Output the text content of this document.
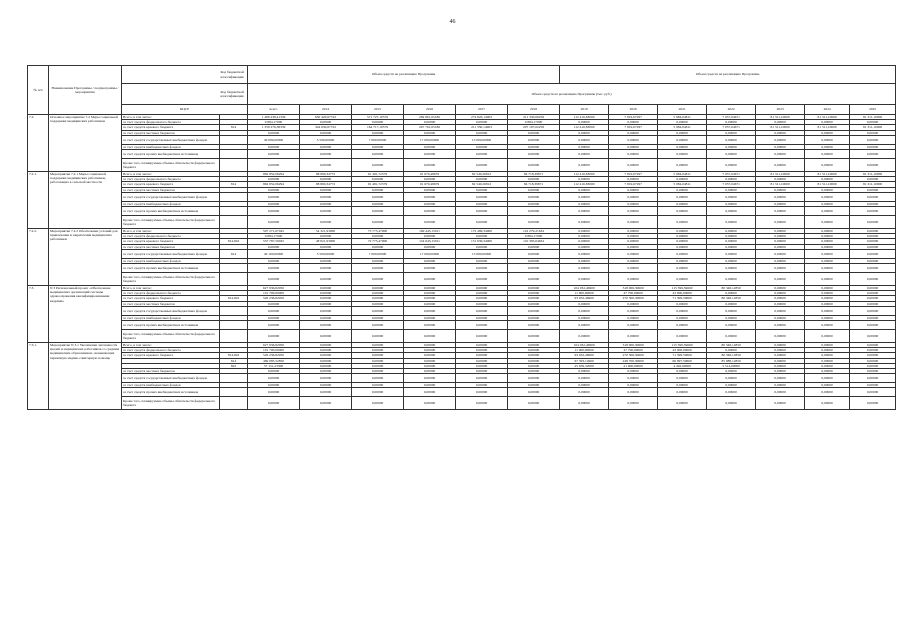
46
№ п/п	Наименование Программы / подпрограммы / мероприятия		Код бюджетной классификации	Объем средств на реализацию Программы						Объем средств на реализацию Программы						
			Код бюджетной классификации	Объем средств на реализацию Программы (тыс. руб.)												
		КЦСР		всего	2014	2015	2016	2017	2018	2019	2020	2021	2022	2023	2024	2025
7.2.	Основное мероприятие 7.2 Меры социальной поддержки медицинских работников	Всего, в том числе:		1 468 438,41339	650 420,67722	571 727,10579	269 861,65186	274 820,14903	211 330,06258	112 416,83000	7 819,67297	5 984,04811	7 057,04671	81 311,10000	81 311,10000	81 311,10000
		за счет средств федерального бюджета		9 884,17000	0,00000	0,00000	0,00000	0,00000	9 884,17000	0,00000	0,00000	0,00000	0,00000	0,00000	0,00000	0,00000
		за счет средств краевого бюджета	814	1 359 276,38339	344 630,67722	164 717,10579	267 761,65186	211 330,14903	207 107,02258	112 416,83000	7 819,67297	5 984,04811	7 057,04671	81 311,10000	81 311,10000	81 311,10000
		за счет средств местных бюджетов		0,00000	0,00000	0,00000	0,00000	0,00000	0,00000	0,00000	0,00000	0,00000	0,00000	0,00000	0,00000	0,00000
		за счет средств государственных внебюджетных фондов		49 099,00000	5 590,00000	7 060,00000	17 000,00000	13 000,00000	0,00000	0,00000	0,00000	0,00000	0,00000	0,00000	0,00000	0,00000
		за счет средств внебюджетных фондов		0,00000	0,00000	0,00000	0,00000	0,00000	0,00000	0,00000	0,00000	0,00000	0,00000	0,00000	0,00000	0,00000
		за счет средств прочих внебюджетных источников		0,00000	0,00000	0,00000	0,00000	0,00000	0,00000	0,00000	0,00000	0,00000	0,00000	0,00000	0,00000	0,00000
		Кроме того, планируемые объемы обязательств федерального бюджета		0,00000	0,00000	0,00000	0,00000	0,00000	0,00000	0,00000	0,00000	0,00000	0,00000	0,00000	0,00000	0,00000
7.2.1.	Мероприятие 7.2.1 Меры социальной поддержки медицинских работников, работающих в сельской местности	Всего, в том числе:		862 852,06294	98 890,34772	91 481,72579	91 670,48679	82 540,26812	84 718,39871	112 416,83000	7 819,67297	5 984,04811	7 057,04671	81 311,10000	81 311,10000	81 311,10000
		за счет средств федерального бюджета		0,00000	0,00000	0,00000	0,00000	0,00000	0,00000	0,00000	0,00000	0,00000	0,00000	0,00000	0,00000	0,00000
		за счет средств краевого бюджета	814	862 852,06294	98 890,34772	91 481,72579	91 670,48679	82 540,26812	84 718,39871	112 416,83000	7 819,67297	5 984,04811	7 057,04671	81 311,10000	81 311,10000	81 311,10000
		за счет средств местных бюджетов		0,00000	0,00000	0,00000	0,00000	0,00000	0,00000	0,00000	0,00000	0,00000	0,00000	0,00000	0,00000	0,00000
		за счет средств государственных внебюджетных фондов		0,00000	0,00000	0,00000	0,00000	0,00000	0,00000	0,00000	0,00000	0,00000	0,00000	0,00000	0,00000	0,00000
		за счет средств внебюджетных фондов		0,00000	0,00000	0,00000	0,00000	0,00000	0,00000	0,00000	0,00000	0,00000	0,00000	0,00000	0,00000	0,00000
		за счет средств прочих внебюджетных источников		0,00000	0,00000	0,00000	0,00000	0,00000	0,00000	0,00000	0,00000	0,00000	0,00000	0,00000	0,00000	0,00000
		Кроме того, планируемые объемы обязательств федерального бюджета		0,00000	0,00000	0,00000	0,00000	0,00000	0,00000	0,00000	0,00000	0,00000	0,00000	0,00000	0,00000	0,00000
7.2.2.	Мероприятие 7.2.2 Обеспечение условий для привлечения и закрепления медицинских работников	Всего, в том числе:		597 271,67045	54 321,93000	73 775,47000	169 443,15011	172 489,34900	122 279,21634	0,00000	0,00000	0,00000	0,00000	0,00000	0,00000	0,00000
		за счет средств федерального бюджета		9 884,17000	0,00000	0,00000	0,00000	0,00000	9 884,17000	0,00000	0,00000	0,00000	0,00000	0,00000	0,00000	0,00000
		за счет средств краевого бюджета	814,822	537 787,50045	48 821,93000	72 775,47000	154 643,15011	151 639,34900	110 395,04634	0,00000	0,00000	0,00000	0,00000	0,00000	0,00000	0,00000
		за счет средств местных бюджетов		0,00000	0,00000	0,00000	0,00000	0,00000	0,00000	0,00000	0,00000	0,00000	0,00000	0,00000	0,00000	0,00000
		за счет средств государственных внебюджетных фондов	814	49 100,00000	5 500,00000	7 000,00000	17 000,00000	13 000,00000	0,00000	0,00000	0,00000	0,00000	0,00000	0,00000	0,00000	0,00000
		за счет средств внебюджетных фондов		0,00000	0,00000	0,00000	0,00000	0,00000	0,00000	0,00000	0,00000	0,00000	0,00000	0,00000	0,00000	0,00000
		за счет средств прочих внебюджетных источников		0,00000	0,00000	0,00000	0,00000	0,00000	0,00000	0,00000	0,00000	0,00000	0,00000	0,00000	0,00000	0,00000
		Кроме того, планируемые объемы обязательств федерального бюджета		0,00000	0,00000	0,00000	0,00000	0,00000	0,00000	0,00000	0,00000	0,00000	0,00000	0,00000	0,00000	0,00000
7.3.	N 3 Региональный проект «Обеспечение медицинских организаций системы здравоохранения квалифицированными кадрами»	Всего, в том числе:		627 936,82950	0,00000	0,00000	0,00000	0,00000	0,00000	104 032,46900	318 006,30600	115 399,59600	80 348,12850	0,00000	0,00000	0,00000
		за счет средств федерального бюджета		101 700,00000	0,00000	0,00000	0,00000	0,00000	0,00000	11 000,00000	47 700,00000	43 000,00000	0,00000	0,00000	0,00000	0,00000
		за счет средств краевого бюджета	814,822	526 236,82950	0,00000	0,00000	0,00000	0,00000	0,00000	93 032,46900	270 306,30600	71 399,59600	80 348,12850	0,00000	0,00000	0,00000
		за счет средств местных бюджетов		0,00000	0,00000	0,00000	0,00000	0,00000	0,00000	0,00000	0,00000	0,00000	0,00000	0,00000	0,00000	0,00000
		за счет средств государственных внебюджетных фондов		0,00000	0,00000	0,00000	0,00000	0,00000	0,00000	0,00000	0,00000	0,00000	0,00000	0,00000	0,00000	0,00000
		за счет средств внебюджетных фондов		0,00000	0,00000	0,00000	0,00000	0,00000	0,00000	0,00000	0,00000	0,00000	0,00000	0,00000	0,00000	0,00000
		за счет средств прочих внебюджетных источников		0,00000	0,00000	0,00000	0,00000	0,00000	0,00000	0,00000	0,00000	0,00000	0,00000	0,00000	0,00000	0,00000
		Кроме того, планируемые объемы обязательств федерального бюджета		0,00000	0,00000	0,00000	0,00000	0,00000	0,00000	0,00000	0,00000	0,00000	0,00000	0,00000	0,00000	0,00000
7.3.1.	Мероприятие N 3.1 Увеличение численности врачей и медицинских работников со средним медицинским образованием, оказывающих первичную медико-санитарную помощь	Всего, в том числе:		627 936,82950	0,00000	0,00000	0,00000	0,00000	0,00000	104 032,46900	318 006,30600	115 399,59600	80 348,12850	0,00000	0,00000	0,00000
		за счет средств федерального бюджета		101 700,00000	0,00000	0,00000	0,00000	0,00000	0,00000	11 000,00000	47 700,00000	43 000,00000	0,00000	0,00000	0,00000	0,00000
		за счет средств краевого бюджета	814,822	526 236,82950	0,00000	0,00000	0,00000	0,00000	0,00000	93 032,46900	270 306,30600	71 399,59600	80 348,12850	0,00000	0,00000	0,00000
			814	469 085,52850	0,00000	0,00000	0,00000	0,00000	0,00000	67 393,14900	248 706,30600	66 997,59600	85 988,12850	0,00000	0,00000	0,00000
			822	57 151,23300	0,00000	0,00000	0,00000	0,00000	0,00000	25 639,32000	21 600,00000	4 402,00000	5 514,00000	0,00000	0,00000	0,00000
		за счет средств местных бюджетов		0,00000	0,00000	0,00000	0,00000	0,00000	0,00000	0,00000	0,00000	0,00000	0,00000	0,00000	0,00000	0,00000
		за счет средств государственных внебюджетных фондов		0,00000	0,00000	0,00000	0,00000	0,00000	0,00000	0,00000	0,00000	0,00000	0,00000	0,00000	0,00000	0,00000
		за счет средств внебюджетных фондов		0,00000	0,00000	0,00000	0,00000	0,00000	0,00000	0,00000	0,00000	0,00000	0,00000	0,00000	0,00000	0,00000
		за счет средств прочих внебюджетных источников		0,00000	0,00000	0,00000	0,00000	0,00000	0,00000	0,00000	0,00000	0,00000	0,00000	0,00000	0,00000	0,00000
		Кроме того, планируемые объемы обязательств федерального бюджета		0,00000	0,00000	0,00000	0,00000	0,00000	0,00000	0,00000	0,00000	0,00000	0,00000	0,00000	0,00000	0,00000
